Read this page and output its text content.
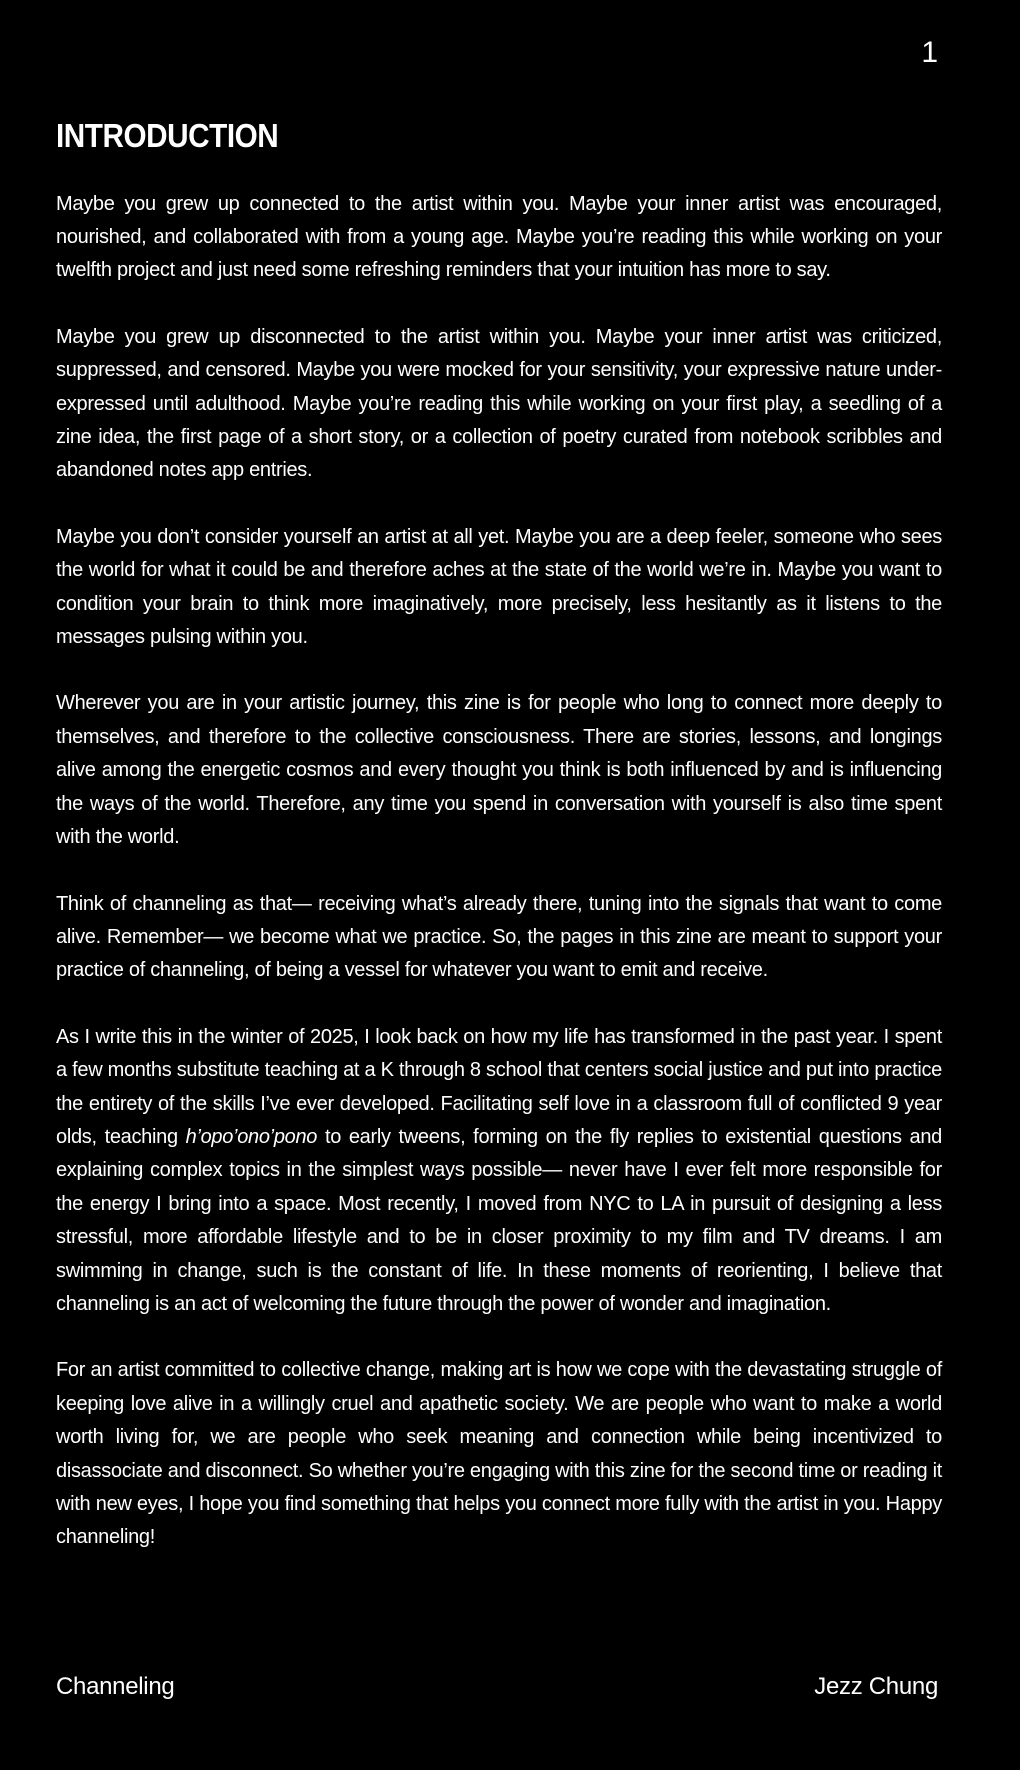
1
INTRODUCTION

Maybe you grew up connected to the artist within you. Maybe your inner artist was encouraged, nourished, and collaborated with from a young age. Maybe you’re reading this while working on your twelfth project and just need some refreshing reminders that your intuition has more to say.

Maybe you grew up disconnected to the artist within you. Maybe your inner artist was criticized, suppressed, and censored. Maybe you were mocked for your sensitivity, your expressive nature under-expressed until adulthood. Maybe you’re reading this while working on your first play, a seedling of a zine idea, the first page of a short story, or a collection of poetry curated from notebook scribbles and abandoned notes app entries.

Maybe you don’t consider yourself an artist at all yet. Maybe you are a deep feeler, someone who sees the world for what it could be and therefore aches at the state of the world we’re in. Maybe you want to condition your brain to think more imaginatively, more precisely, less hesitantly as it listens to the messages pulsing within you.

Wherever you are in your artistic journey, this zine is for people who long to connect more deeply to themselves, and therefore to the collective consciousness. There are stories, lessons, and longings alive among the energetic cosmos and every thought you think is both influenced by and is influencing the ways of the world. Therefore, any time you spend in conversation with yourself is also time spent with the world.

Think of channeling as that— receiving what’s already there, tuning into the signals that want to come alive. Remember— we become what we practice. So, the pages in this zine are meant to support your practice of channeling, of being a vessel for whatever you want to emit and receive.

As I write this in the winter of 2025, I look back on how my life has transformed in the past year. I spent a few months substitute teaching at a K through 8 school that centers social justice and put into practice the entirety of the skills I’ve ever developed. Facilitating self love in a classroom full of conflicted 9 year olds, teaching h’opo’ono’pono to early tweens, forming on the fly replies to existential questions and explaining complex topics in the simplest ways possible— never have I ever felt more responsible for the energy I bring into a space. Most recently, I moved from NYC to LA in pursuit of designing a less stressful, more affordable lifestyle and to be in closer proximity to my film and TV dreams. I am swimming in change, such is the constant of life. In these moments of reorienting, I believe that channeling is an act of welcoming the future through the power of wonder and imagination.

For an artist committed to collective change, making art is how we cope with the devastating struggle of keeping love alive in a willingly cruel and apathetic society. We are people who want to make a world worth living for, we are people who seek meaning and connection while being incentivized to disassociate and disconnect. So whether you’re engaging with this zine for the second time or reading it with new eyes, I hope you find something that helps you connect more fully with the artist in you. Happy channeling!

Channeling	Jezz Chung
